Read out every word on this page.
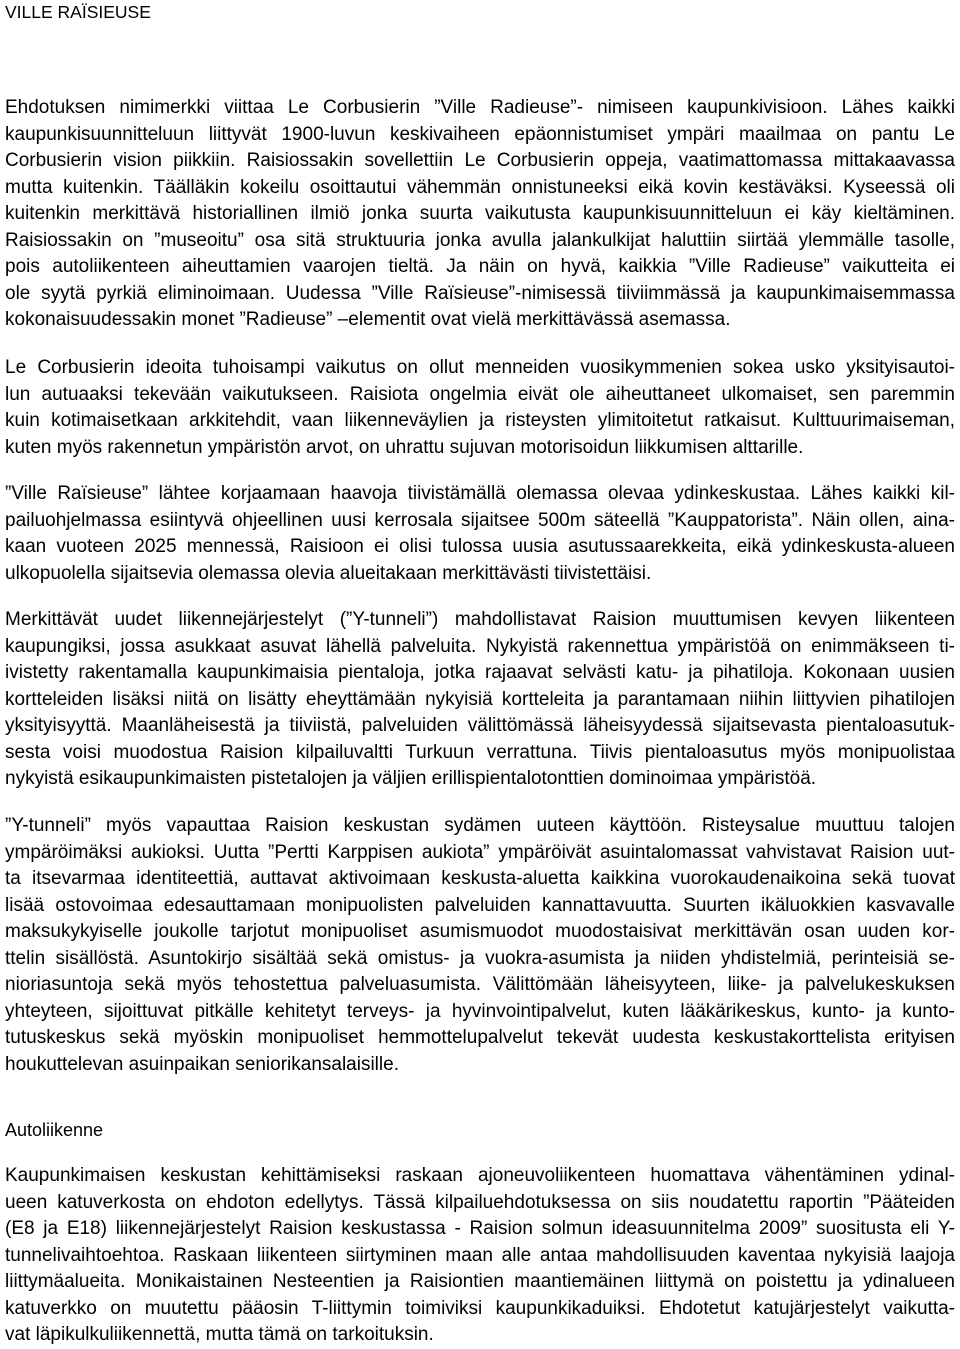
VILLE RAÏSIEUSE
Ehdotuksen nimimerkki viittaa Le Corbusierin ”Ville Radieuse”- nimiseen kaupunkivisioon. Lähes kaikki
kaupunkisuunnitteluun liittyvät 1900-luvun keskivaiheen epäonnistumiset ympäri maailmaa on pantu Le
Corbusierin vision piikkiin. Raisiossakin sovellettiin Le Corbusierin oppeja, vaatimattomassa mittakaavassa
mutta kuitenkin. Täälläkin kokeilu osoittautui vähemmän onnistuneeksi eikä kovin kestäväksi. Kyseessä oli
kuitenkin merkittävä historiallinen ilmiö jonka suurta vaikutusta kaupunkisuunnitteluun ei käy kieltäminen.
Raisiossakin on ”museoitu” osa sitä struktuuria jonka avulla jalankulkijat haluttiin siirtää ylemmälle tasolle,
pois autoliikenteen aiheuttamien vaarojen tieltä. Ja näin on hyvä, kaikkia ”Ville Radieuse” vaikutteita ei
ole syytä pyrkiä eliminoimaan. Uudessa ”Ville Raïsieuse”-nimisessä tiiviimmässä ja kaupunkimaisemmassa
kokonaisuudessakin monet ”Radieuse” –elementit ovat vielä merkittävässä asemassa.
Le Corbusierin ideoita tuhoisampi vaikutus on ollut menneiden vuosikymmenien sokea usko yksityisautoi-
lun autuaaksi tekevään vaikutukseen. Raisiota ongelmia eivät ole aiheuttaneet ulkomaiset, sen paremmin
kuin kotimaisetkaan arkkitehdit, vaan liikenneväylien ja risteysten ylimitoitetut ratkaisut. Kulttuurimaiseman,
kuten myös rakennetun ympäristön arvot, on uhrattu sujuvan motorisoidun liikkumisen alttarille.
”Ville Raïsieuse” lähtee korjaamaan haavoja tiivistämällä olemassa olevaa ydinkeskustaa. Lähes kaikki kil-
pailuohjelmassa esiintyvä ohjeellinen uusi kerrosala sijaitsee 500m säteellä ”Kauppatorista”. Näin ollen, aina-
kaan vuoteen 2025 mennessä, Raisioon ei olisi tulossa uusia asutussaarekkeita, eikä ydinkeskusta-alueen
ulkopuolella sijaitsevia olemassa olevia alueitakaan merkittävästi tiivistettäisi.
Merkittävät uudet liikennejärjestelyt (”Y-tunneli”) mahdollistavat Raision muuttumisen kevyen liikenteen
kaupungiksi, jossa asukkaat asuvat lähellä palveluita. Nykyistä rakennettua ympäristöä on enimmäkseen ti-
ivistetty rakentamalla kaupunkimaisia pientaloja, jotka rajaavat selvästi katu- ja pihatiloja. Kokonaan uusien
kortteleiden lisäksi niitä on lisätty eheyttämään nykyisiä kortteleita ja parantamaan niihin liittyvien pihatilojen
yksityisyyttä. Maanläheisestä ja tiiviistä, palveluiden välittömässä läheisyydessä sijaitsevasta pientaloasutuk-
sesta voisi muodostua Raision kilpailuvaltti Turkuun verrattuna. Tiivis pientaloasutus myös monipuolistaa
nykyistä esikaupunkimaisten pistetalojen ja väljien erillispientalotonttien dominoimaa ympäristöä.
”Y-tunneli” myös vapauttaa Raision keskustan sydämen uuteen käyttöön. Risteysalue muuttuu talojen
ympäröimäksi aukioksi. Uutta ”Pertti Karppisen aukiota” ympäröivät asuintalomassat vahvistavat Raision uut-
ta itsevarmaa identiteettiä, auttavat aktivoimaan keskusta-aluetta kaikkina vuorokaudenaikoina sekä tuovat
lisää ostovoimaa edesauttamaan monipuolisten palveluiden kannattavuutta. Suurten ikäluokkien kasvavalle
maksukykyiselle joukolle tarjotut monipuoliset asumismuodot muodostaisivat merkittävän osan uuden kor-
ttelin sisällöstä. Asuntokirjo sisältää sekä omistus- ja vuokra-asumista ja niiden yhdistelmiä, perinteisiä se-
nioriasuntoja sekä myös tehostettua palveluasumista. Välittömään läheisyyteen, liike- ja palvelukeskuksen
yhteyteen, sijoittuvat pitkälle kehitetyt terveys- ja hyvinvointipalvelut, kuten lääkärikeskus, kunto- ja kunto-
tutuskeskus sekä myöskin monipuoliset hemmottelupalvelut tekevät uudesta keskustakorttelista erityisen
houkuttelevan asuinpaikan seniorikansalaisille.
Autoliikenne
Kaupunkimaisen keskustan kehittämiseksi raskaan ajoneuvoliikenteen huomattava vähentäminen ydinal-
ueen katuverkosta on ehdoton edellytys. Tässä kilpailuehdotuksessa on siis noudatettu raportin ”Pääteiden
(E8 ja E18) liikennejärjestelyt Raision keskustassa - Raision solmun ideasuunnitelma 2009” suositusta eli Y-
tunnelivaihtoehtoa. Raskaan liikenteen siirtyminen maan alle antaa mahdollisuuden kaventaa nykyisiä laajoja
liittymäalueita. Monikaistainen Nesteentien ja Raisiontien maantiemäinen liittymä on poistettu ja ydinalueen
katuverkko on muutettu pääosin T-liittymin toimiviksi kaupunkikaduiksi. Ehdotetut katujärjestelyt vaikutta-
vat läpikulkuliikennettä, mutta tämä on tarkoituksin.
